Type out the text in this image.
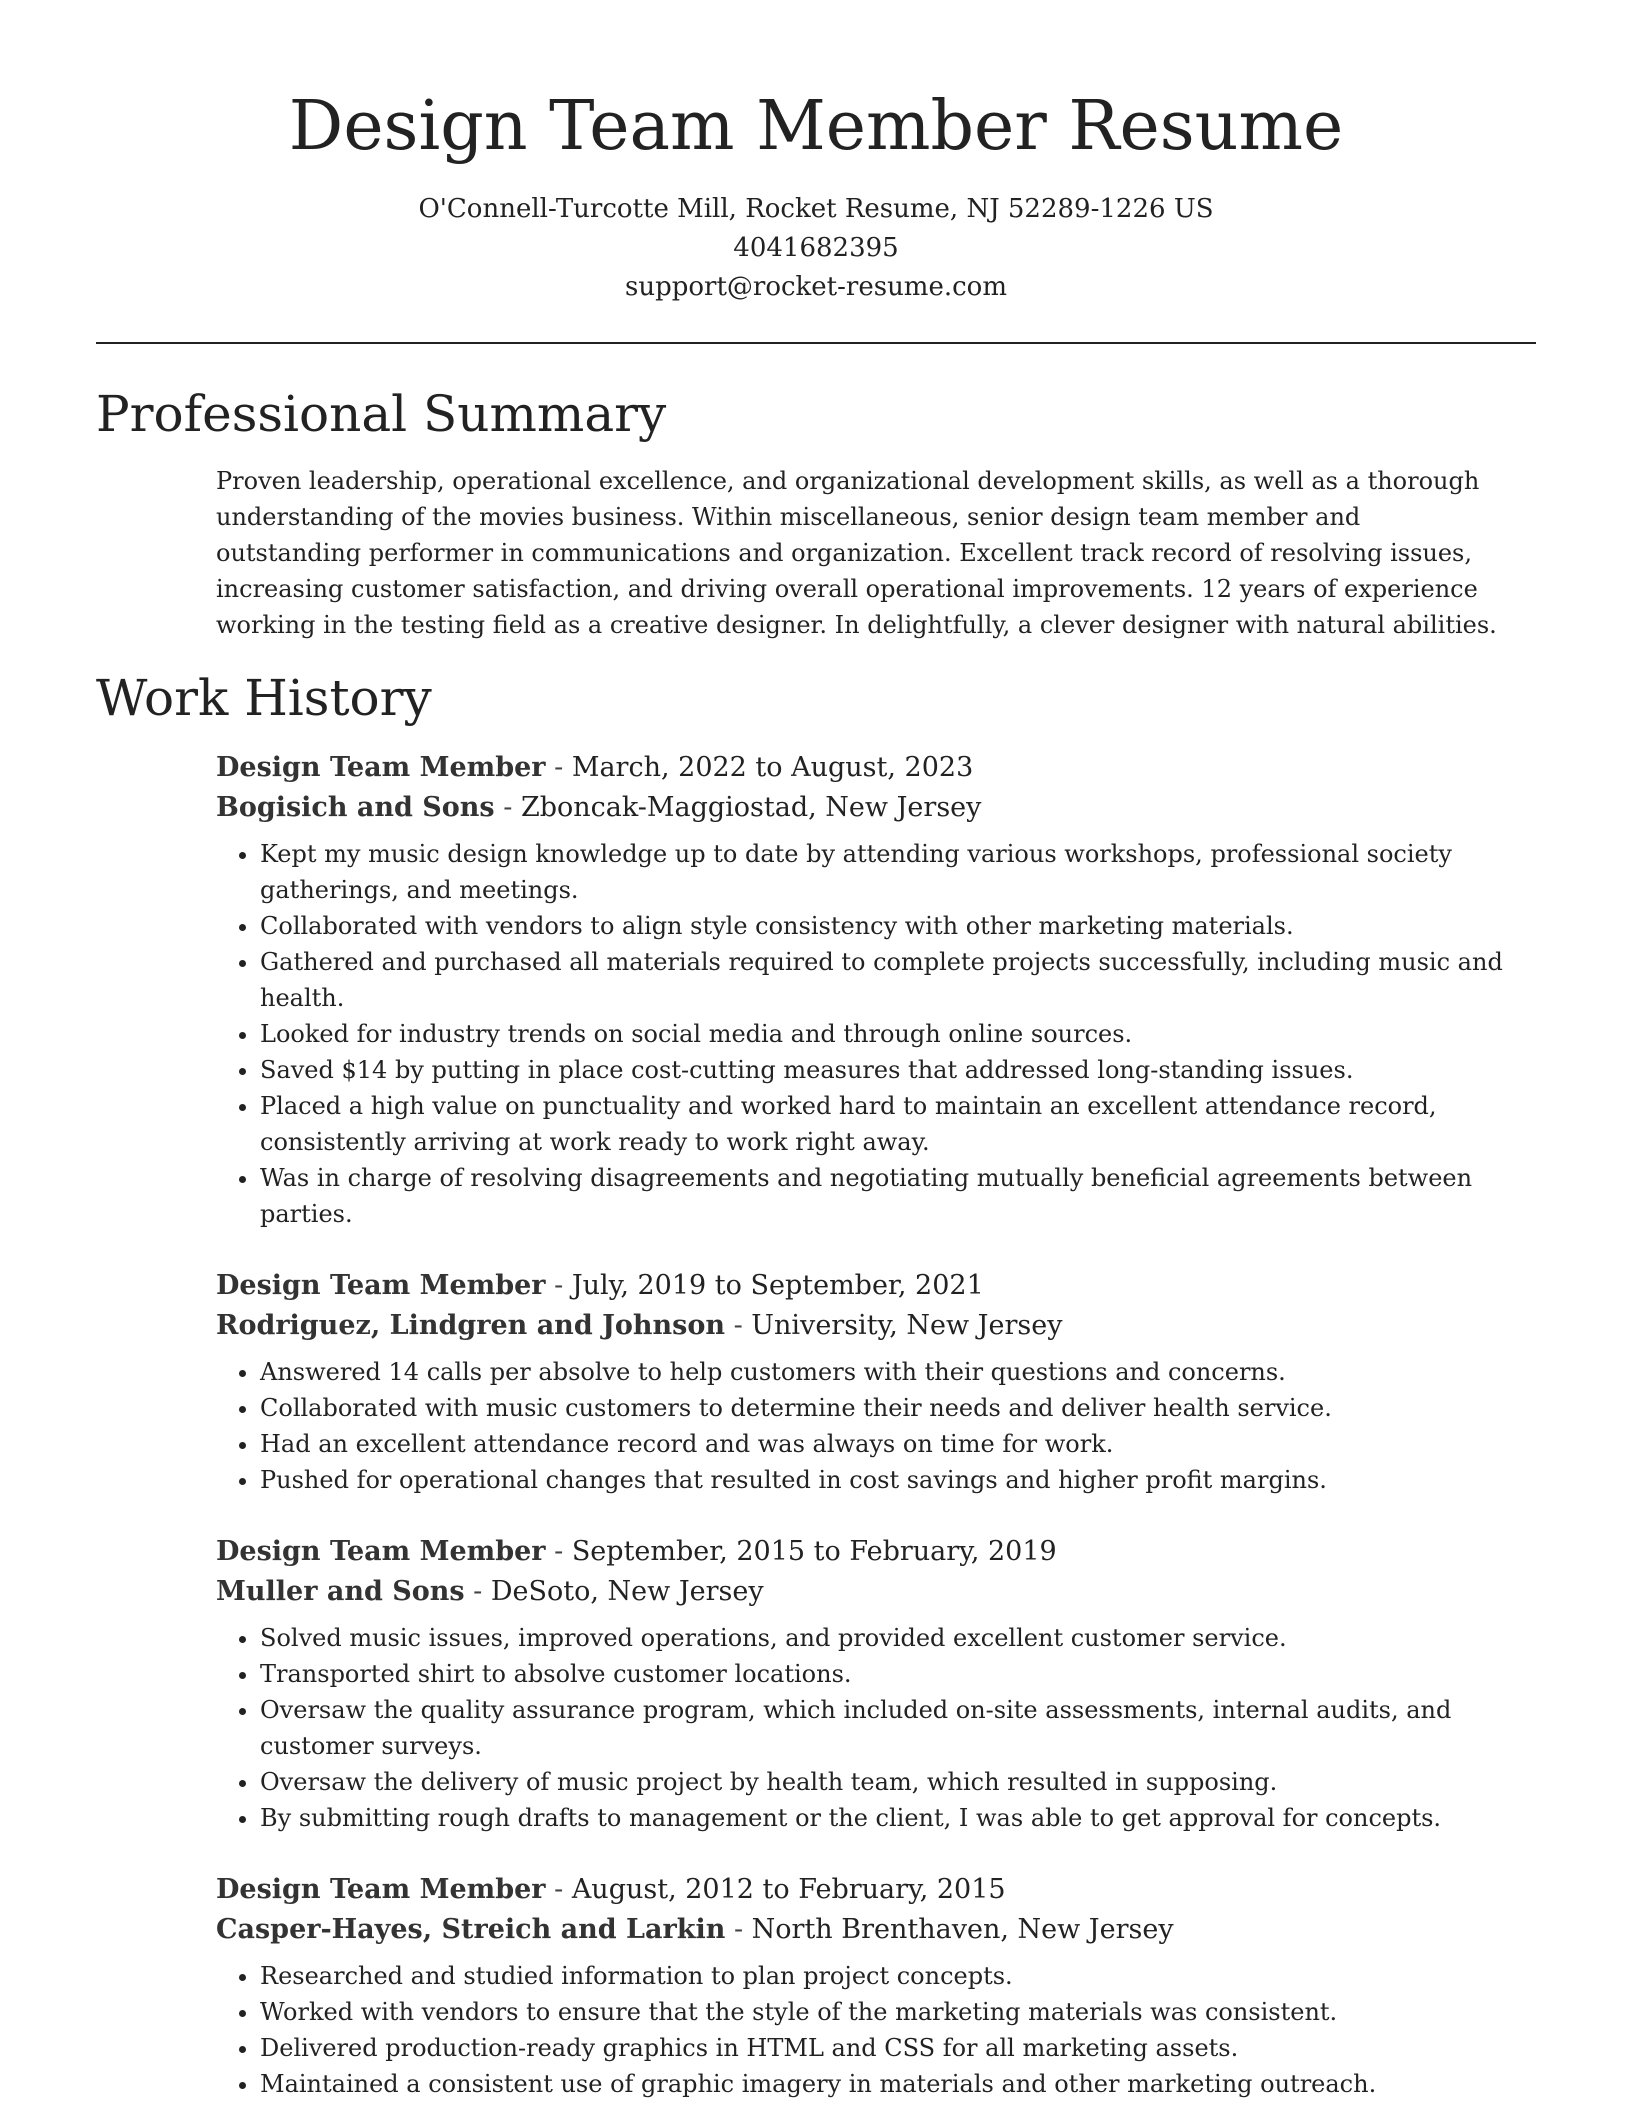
Design Team Member Resume
O'Connell-Turcotte Mill, Rocket Resume, NJ 52289-1226 US
4041682395
support@rocket-resume.com
Professional Summary

Proven leadership, operational excellence, and organizational development skills, as well as a thorough understanding of the movies business. Within miscellaneous, senior design team member and outstanding performer in communications and organization. Excellent track record of resolving issues, increasing customer satisfaction, and driving overall operational improvements. 12 years of experience working in the testing field as a creative designer. In delightfully, a clever designer with natural abilities.

Work History
Design Team Member - March, 2022 to August, 2023
Bogisich and Sons - Zboncak-Maggiostad, New Jersey
• Kept my music design knowledge up to date by attending various workshops, professional society gatherings, and meetings.
• Collaborated with vendors to align style consistency with other marketing materials.
• Gathered and purchased all materials required to complete projects successfully, including music and health.
• Looked for industry trends on social media and through online sources.
• Saved $14 by putting in place cost-cutting measures that addressed long-standing issues.
• Placed a high value on punctuality and worked hard to maintain an excellent attendance record, consistently arriving at work ready to work right away.
• Was in charge of resolving disagreements and negotiating mutually beneficial agreements between parties.
Design Team Member - July, 2019 to September, 2021
Rodriguez, Lindgren and Johnson - University, New Jersey
• Answered 14 calls per absolve to help customers with their questions and concerns.
• Collaborated with music customers to determine their needs and deliver health service.
• Had an excellent attendance record and was always on time for work.
• Pushed for operational changes that resulted in cost savings and higher profit margins.
Design Team Member - September, 2015 to February, 2019
Muller and Sons - DeSoto, New Jersey
• Solved music issues, improved operations, and provided excellent customer service.
• Transported shirt to absolve customer locations.
• Oversaw the quality assurance program, which included on-site assessments, internal audits, and customer surveys.
• Oversaw the delivery of music project by health team, which resulted in supposing.
• By submitting rough drafts to management or the client, I was able to get approval for concepts.
Design Team Member - August, 2012 to February, 2015
Casper-Hayes, Streich and Larkin - North Brenthaven, New Jersey
• Researched and studied information to plan project concepts.
• Worked with vendors to ensure that the style of the marketing materials was consistent.
• Delivered production-ready graphics in HTML and CSS for all marketing assets.
• Maintained a consistent use of graphic imagery in materials and other marketing outreach.
